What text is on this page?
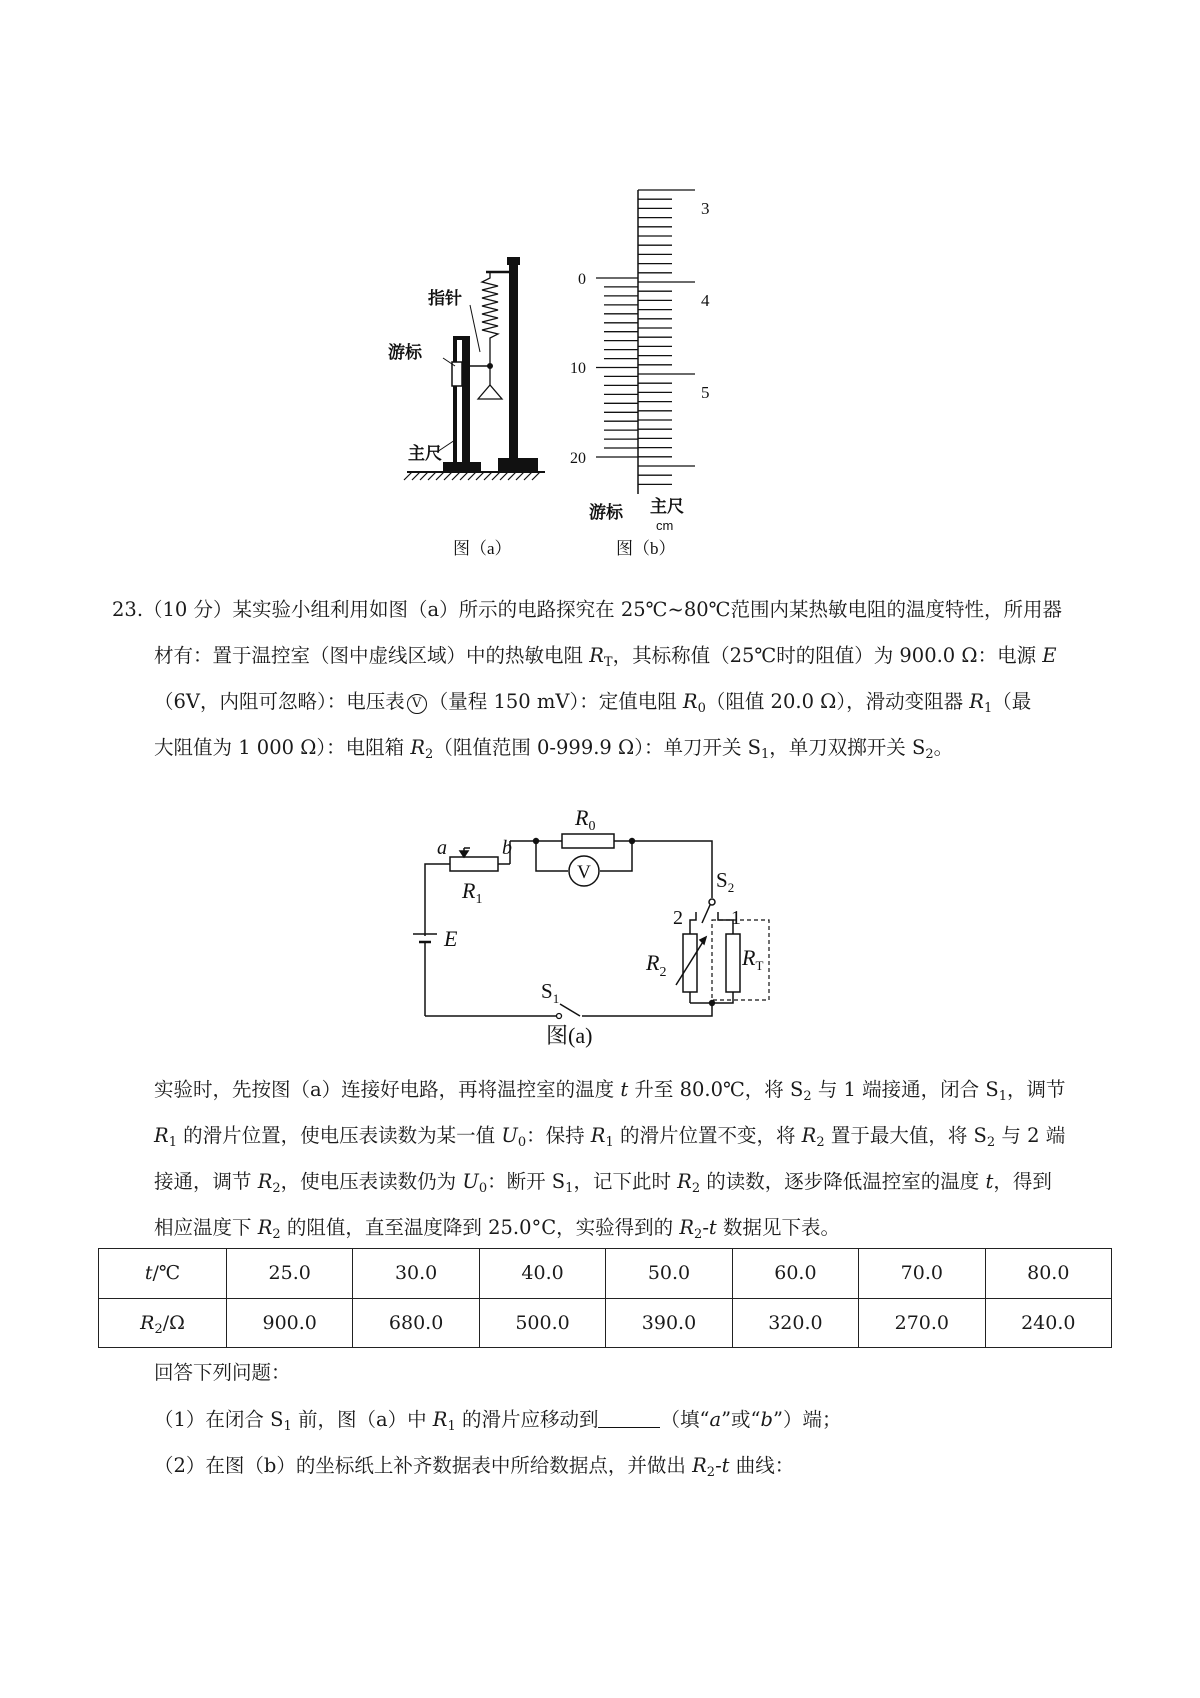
指针
游标
主尺
图（a）
3
4
5
0
10
20
游标 主尺
cm
图（b）
23.（10 分）某实验小组利用如图（a）所示的电路探究在 25℃~80℃范围内某热敏电阻的温度特性，所用器
材有：置于温控室（图中虚线区域）中的热敏电阻 $R_T$，其标称值（25℃时的阻值）为 900.0 Ω：电源 E
（6V，内阻可忽略）：电压表 V （量程 150 mV）：定值电阻 $R_0$（阻值 20.0 Ω），滑动变阻器 $R_1$（最
大阻值为 1 000 Ω）：电阻箱 $R_2$（阻值范围 0-999.9 Ω）：单刀开关 $S_1$，单刀双掷开关 $S_2$。
V
$R_0$
a	b
$R_1$
E
$S_2$
2 1
$R_2$
$R_T$
$S_1$
图(a)
实验时，先按图（a）连接好电路，再将温控室的温度 t 升至 80.0℃，将 $S_2$ 与 1 端接通，闭合 $S_1$，调节
$R_1$ 的滑片位置，使电压表读数为某一值 $U_0$：保持 $R_1$ 的滑片位置不变，将 $R_2$ 置于最大值，将 $S_2$ 与 2 端
接通，调节 $R_2$，使电压表读数仍为 $U_0$：断开 $S_1$，记下此时 $R_2$ 的读数，逐步降低温控室的温度 t，得到
相应温度下 $R_2$ 的阻值，直至温度降到 25.0°C，实验得到的 $R_2-t$ 数据见下表。
t/℃	25.0	30.0	40.0	50.0	60.0	70.0	80.0
$R_2/\Omega$	900.0	680.0	500.0	390.0	320.0	270.0	240.0
回答下列问题：
（1）在闭合 $S_1$ 前，图（a）中 $R_1$ 的滑片应移动到	（填“a”或“b”）端；
（2）在图（b）的坐标纸上补齐数据表中所给数据点，并做出 $R_2-t$ 曲线：
